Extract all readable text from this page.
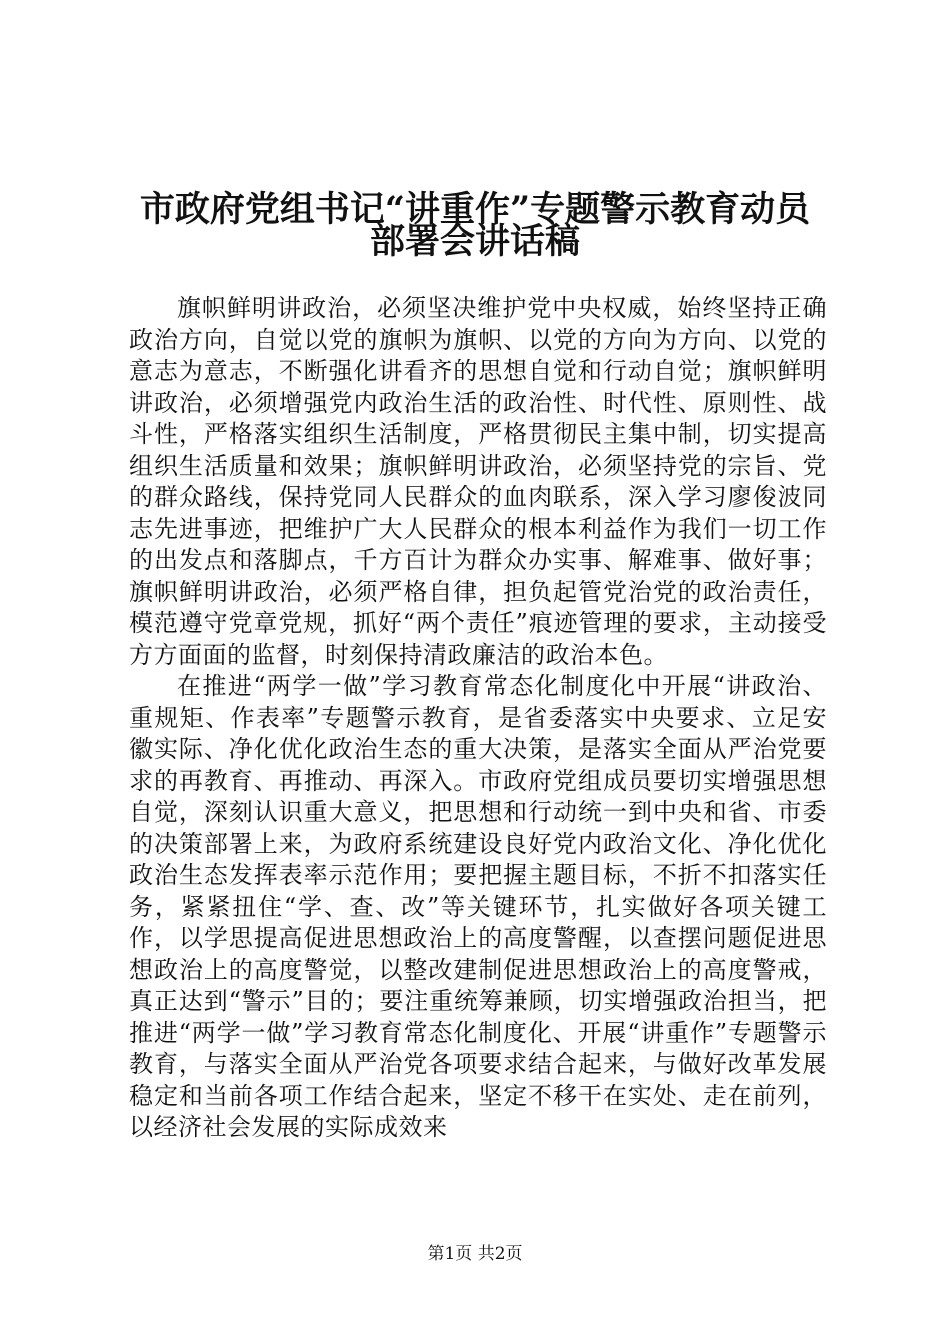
市政府党组书记“讲重作”专题警示教育动员
部署会讲话稿

旗帜鲜明讲政治，必须坚决维护党中央权威，始终坚持正确政治方向，自觉以党的旗帜为旗帜、以党的方向为方向、以党的意志为意志，不断强化讲看齐的思想自觉和行动自觉；旗帜鲜明讲政治，必须增强党内政治生活的政治性、时代性、原则性、战斗性，严格落实组织生活制度，严格贯彻民主集中制，切实提高组织生活质量和效果；旗帜鲜明讲政治，必须坚持党的宗旨、党的群众路线，保持党同人民群众的血肉联系，深入学习廖俊波同志先进事迹，把维护广大人民群众的根本利益作为我们一切工作的出发点和落脚点，千方百计为群众办实事、解难事、做好事；旗帜鲜明讲政治，必须严格自律，担负起管党治党的政治责任，模范遵守党章党规，抓好“两个责任”痕迹管理的要求，主动接受方方面面的监督，时刻保持清政廉洁的政治本色。

在推进“两学一做”学习教育常态化制度化中开展“讲政治、重规矩、作表率”专题警示教育，是省委落实中央要求、立足安徽实际、净化优化政治生态的重大决策，是落实全面从严治党要求的再教育、再推动、再深入。市政府党组成员要切实增强思想自觉，深刻认识重大意义，把思想和行动统一到中央和省、市委的决策部署上来，为政府系统建设良好党内政治文化、净化优化政治生态发挥表率示范作用；要把握主题目标，不折不扣落实任务，紧紧扭住“学、查、改”等关键环节，扎实做好各项关键工作，以学思提高促进思想政治上的高度警醒，以查摆问题促进思想政治上的高度警觉，以整改建制促进思想政治上的高度警戒，真正达到“警示”目的；要注重统筹兼顾，切实增强政治担当，把推进“两学一做”学习教育常态化制度化、开展“讲重作”专题警示教育，与落实全面从严治党各项要求结合起来，与做好改革发展稳定和当前各项工作结合起来，坚定不移干在实处、走在前列，以经济社会发展的实际成效来

第1页 共2页
